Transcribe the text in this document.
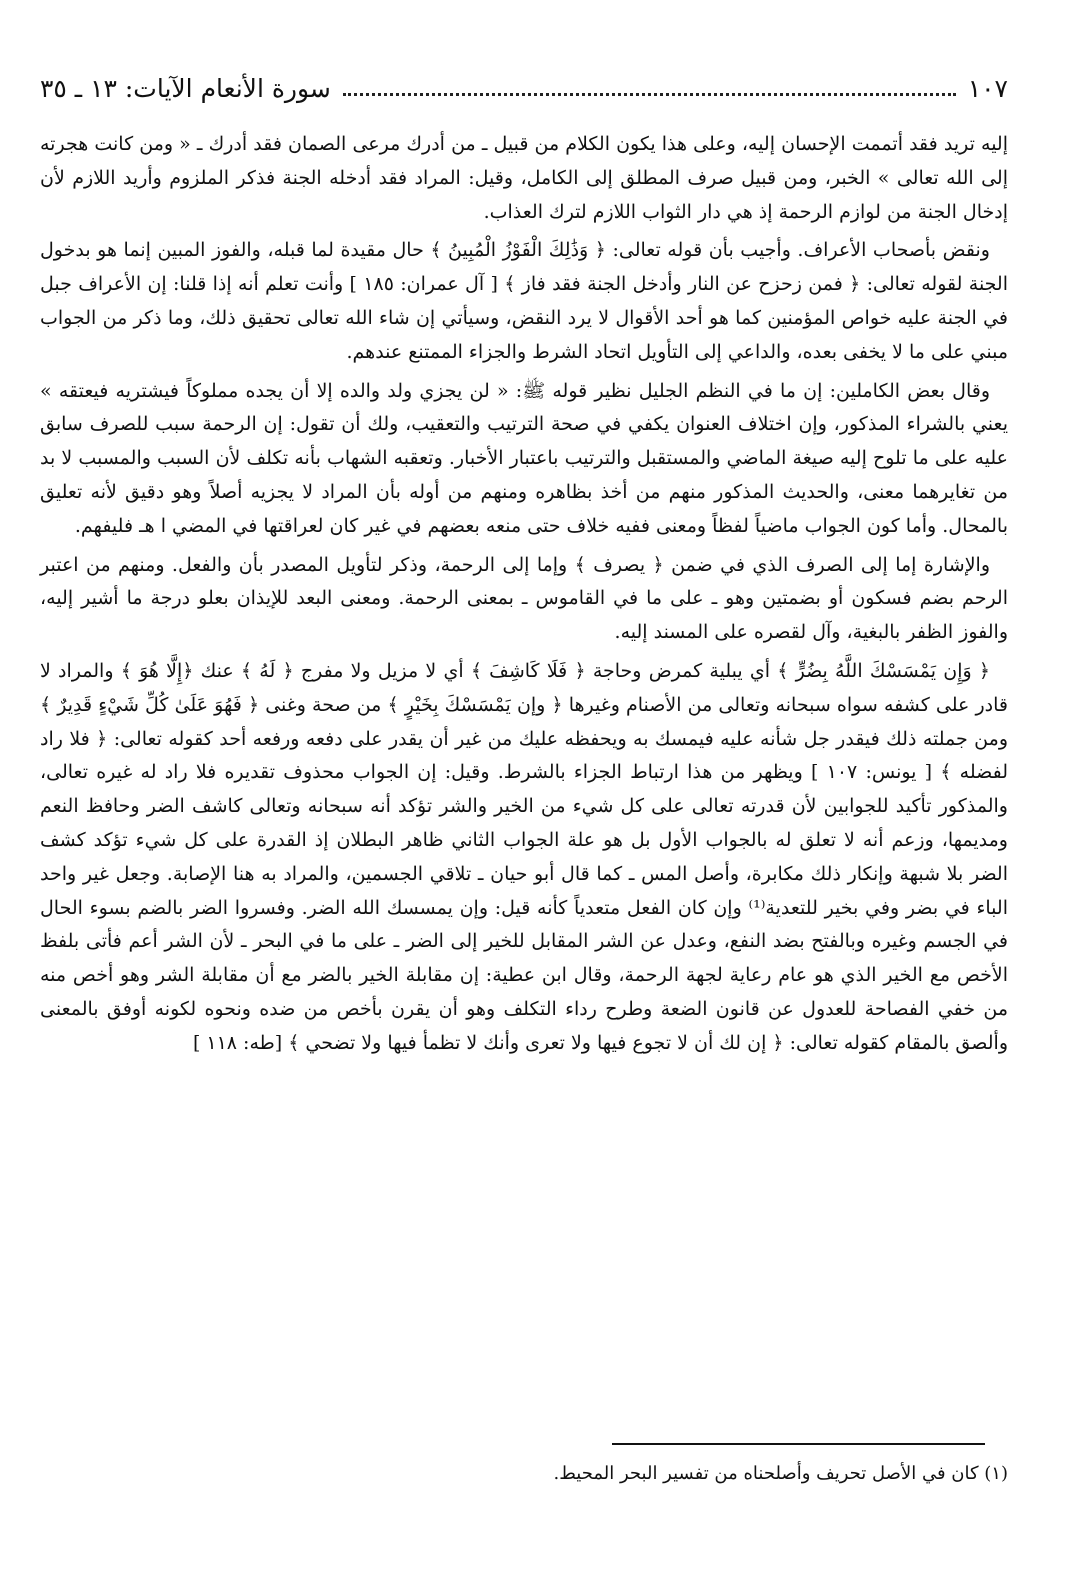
١٠٧
سورة الأنعام الآيات: ١٣ ـ ٣٥

إليه تريد فقد أتممت الإحسان إليه، وعلى هذا يكون الكلام من قبيل ـ من أدرك مرعى الصمان فقد أدرك ـ « ومن كانت هجرته إلى الله تعالى » الخبر، ومن قبيل صرف المطلق إلى الكامل، وقيل: المراد فقد أدخله الجنة فذكر الملزوم وأريد اللازم لأن إدخال الجنة من لوازم الرحمة إذ هي دار الثواب اللازم لترك العذاب.

ونقض بأصحاب الأعراف. وأجيب بأن قوله تعالى: ﴿ وَذَٰلِكَ الْفَوْزُ الْمُبِينُ ﴾ حال مقيدة لما قبله، والفوز المبين إنما هو بدخول الجنة لقوله تعالى: ﴿ فمن زحزح عن النار وأدخل الجنة فقد فاز ﴾ [ آل عمران: ١٨٥ ] وأنت تعلم أنه إذا قلنا: إن الأعراف جبل في الجنة عليه خواص المؤمنين كما هو أحد الأقوال لا يرد النقض، وسيأتي إن شاء الله تعالى تحقيق ذلك، وما ذكر من الجواب مبني على ما لا يخفى بعده، والداعي إلى التأويل اتحاد الشرط والجزاء الممتنع عندهم.

وقال بعض الكاملين: إن ما في النظم الجليل نظير قوله ﷺ: « لن يجزي ولد والده إلا أن يجده مملوكاً فيشتريه فيعتقه » يعني بالشراء المذكور، وإن اختلاف العنوان يكفي في صحة الترتيب والتعقيب، ولك أن تقول: إن الرحمة سبب للصرف سابق عليه على ما تلوح إليه صيغة الماضي والمستقبل والترتيب باعتبار الأخبار. وتعقبه الشهاب بأنه تكلف لأن السبب والمسبب لا بد من تغايرهما معنى، والحديث المذكور منهم من أخذ بظاهره ومنهم من أوله بأن المراد لا يجزيه أصلاً وهو دقيق لأنه تعليق بالمحال. وأما كون الجواب ماضياً لفظاً ومعنى ففيه خلاف حتى منعه بعضهم في غير كان لعراقتها في المضي ا هـ فليفهم.

والإشارة إما إلى الصرف الذي في ضمن ﴿ يصرف ﴾ وإما إلى الرحمة، وذكر لتأويل المصدر بأن والفعل. ومنهم من اعتبر الرحم بضم فسكون أو بضمتين وهو ـ على ما في القاموس ـ بمعنى الرحمة. ومعنى البعد للإيذان بعلو درجة ما أشير إليه، والفوز الظفر بالبغية، وآل لقصره على المسند إليه.

﴿ وَإِن يَمْسَسْكَ اللَّهُ بِضُرٍّ ﴾ أي يبلية كمرض وحاجة ﴿ فَلَا كَاشِفَ ﴾ أي لا مزيل ولا مفرج ﴿ لَهُ ﴾ عنك ﴿إِلَّا هُوَ ﴾ والمراد لا قادر على كشفه سواه سبحانه وتعالى من الأصنام وغيرها ﴿ وإن يَمْسَسْكَ بِخَيْرٍ ﴾ من صحة وغنى ﴿ فَهُوَ عَلَىٰ كُلِّ شَيْءٍ قَدِيرٌ ﴾ ومن جملته ذلك فيقدر جل شأنه عليه فيمسك به ويحفظه عليك من غير أن يقدر على دفعه ورفعه أحد كقوله تعالى: ﴿ فلا راد لفضله ﴾ [ يونس: ١٠٧ ] ويظهر من هذا ارتباط الجزاء بالشرط. وقيل: إن الجواب محذوف تقديره فلا راد له غيره تعالى، والمذكور تأكيد للجوابين لأن قدرته تعالى على كل شيء من الخير والشر تؤكد أنه سبحانه وتعالى كاشف الضر وحافظ النعم ومديمها، وزعم أنه لا تعلق له بالجواب الأول بل هو علة الجواب الثاني ظاهر البطلان إذ القدرة على كل شيء تؤكد كشف الضر بلا شبهة وإنكار ذلك مكابرة، وأصل المس ـ كما قال أبو حيان ـ تلاقي الجسمين، والمراد به هنا الإصابة. وجعل غير واحد الباء في بضر وفي بخير للتعدية⁽¹⁾ وإن كان الفعل متعدياً كأنه قيل: وإن يمسسك الله الضر. وفسروا الضر بالضم بسوء الحال في الجسم وغيره وبالفتح بضد النفع، وعدل عن الشر المقابل للخير إلى الضر ـ على ما في البحر ـ لأن الشر أعم فأتى بلفظ الأخص مع الخير الذي هو عام رعاية لجهة الرحمة، وقال ابن عطية: إن مقابلة الخير بالضر مع أن مقابلة الشر وهو أخص منه من خفي الفصاحة للعدول عن قانون الضعة وطرح رداء التكلف وهو أن يقرن بأخص من ضده ونحوه لكونه أوفق بالمعنى وألصق بالمقام كقوله تعالى: ﴿ إن لك أن لا تجوع فيها ولا تعرى وأنك لا تظمأ فيها ولا تضحي ﴾ [طه: ١١٨ ]

(١) كان في الأصل تحريف وأصلحناه من تفسير البحر المحيط.
